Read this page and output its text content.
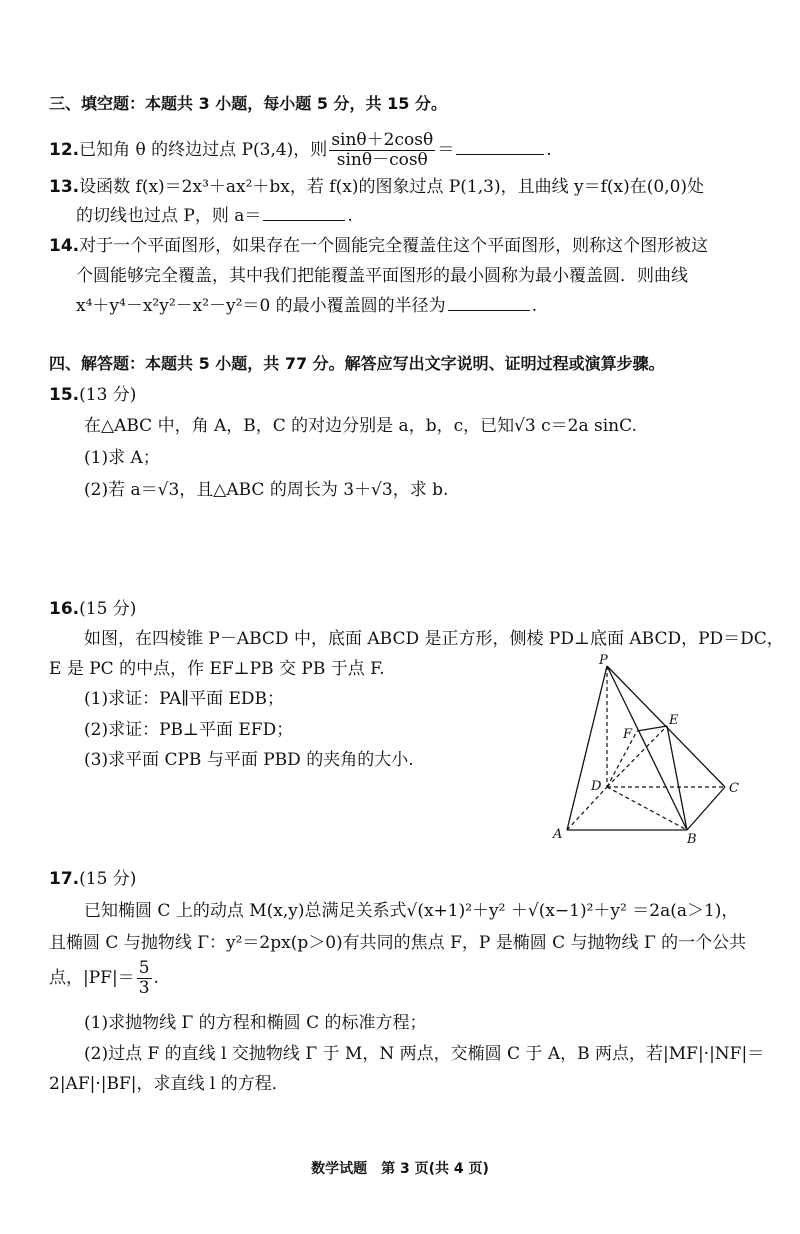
三、填空题：本题共 3 小题，每小题 5 分，共 15 分。
12.已知角 θ 的终边过点 P(3,4)，则 $\frac{\sin\theta+2\cos\theta}{\sin\theta-\cos\theta}$ ＝	.
13.设函数 f(x)＝2x³＋ax²＋bx，若 f(x)的图象过点 P(1,3)，且曲线 y＝f(x)在(0,0)处
的切线也过点 P，则 a＝	.
14.对于一个平面图形，如果存在一个圆能完全覆盖住这个平面图形，则称这个图形被这
个圆能够完全覆盖，其中我们把能覆盖平面图形的最小圆称为最小覆盖圆．则曲线
x⁴＋y⁴－x²y²－x²－y²＝0 的最小覆盖圆的半径为	.
四、解答题：本题共 5 小题，共 77 分。解答应写出文字说明、证明过程或演算步骤。
15.(13 分)
在△ABC 中，角 A，B，C 的对边分别是 a，b，c，已知√3 c＝2a sinC.
(1)求 A；
(2)若 a＝√3，且△ABC 的周长为 3＋√3，求 b.
16.(15 分)
如图，在四棱锥 P－ABCD 中，底面 ABCD 是正方形，侧棱 PD⊥底面 ABCD，PD＝DC，
E 是 PC 的中点，作 EF⊥PB 交 PB 于点 F.
(1)求证：PA∥平面 EDB；
(2)求证：PB⊥平面 EFD；
(3)求平面 CPB 与平面 PBD 的夹角的大小.
P
A	B
C
D
E
F
17.(15 分)
已知椭圆 C 上的动点 M(x,y)总满足关系式√(x+1)²＋y² ＋√(x−1)²＋y² ＝2a(a＞1)，
且椭圆 C 与抛物线 Γ：y²＝2px(p＞0)有共同的焦点 F，P 是椭圆 C 与抛物线 Γ 的一个公共
点，$|PF|= \frac{5}{3}$ .
(1)求抛物线 Γ 的方程和椭圆 C 的标准方程；
(2)过点 F 的直线 l 交抛物线 Γ 于 M，N 两点，交椭圆 C 于 A，B 两点，若|MF|·|NF|＝
2|AF|·|BF|，求直线 l 的方程．
数学试题　第 3 页(共 4 页)
